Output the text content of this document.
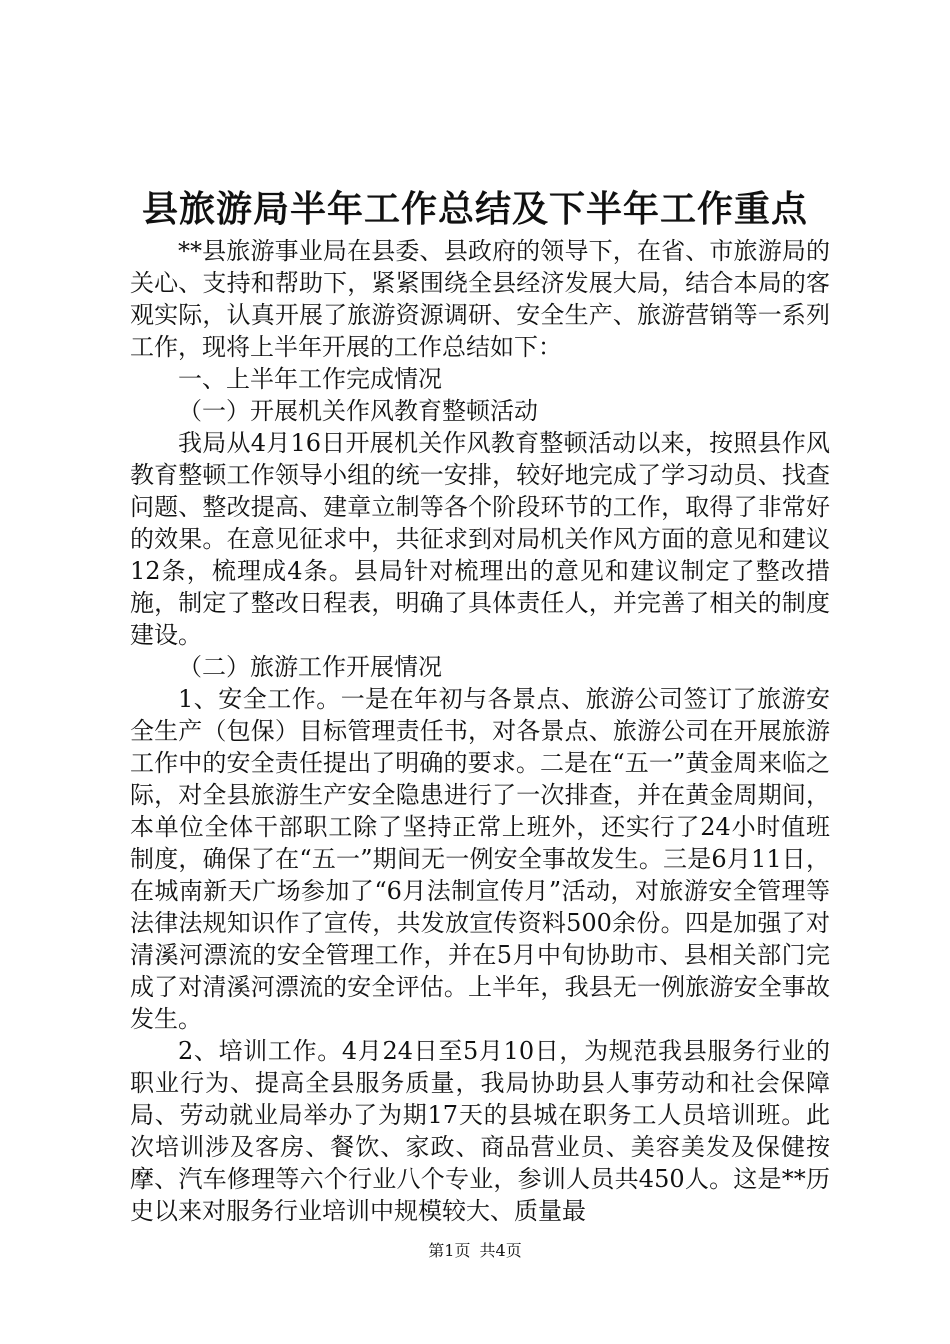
县旅游局半年工作总结及下半年工作重点

**县旅游事业局在县委、县政府的领导下，在省、市旅游局的关心、支持和帮助下，紧紧围绕全县经济发展大局，结合本局的客观实际，认真开展了旅游资源调研、安全生产、旅游营销等一系列工作，现将上半年开展的工作总结如下：

一、上半年工作完成情况

（一）开展机关作风教育整顿活动

我局从4月16日开展机关作风教育整顿活动以来，按照县作风教育整顿工作领导小组的统一安排，较好地完成了学习动员、找查问题、整改提高、建章立制等各个阶段环节的工作，取得了非常好的效果。在意见征求中，共征求到对局机关作风方面的意见和建议12条，梳理成4条。县局针对梳理出的意见和建议制定了整改措施，制定了整改日程表，明确了具体责任人，并完善了相关的制度建设。

（二）旅游工作开展情况

1、安全工作。一是在年初与各景点、旅游公司签订了旅游安全生产（包保）目标管理责任书，对各景点、旅游公司在开展旅游工作中的安全责任提出了明确的要求。二是在“五一”黄金周来临之际，对全县旅游生产安全隐患进行了一次排查，并在黄金周期间，本单位全体干部职工除了坚持正常上班外，还实行了24小时值班制度，确保了在“五一”期间无一例安全事故发生。三是6月11日，在城南新天广场参加了“6月法制宣传月”活动，对旅游安全管理等法律法规知识作了宣传，共发放宣传资料500余份。四是加强了对清溪河漂流的安全管理工作，并在5月中旬协助市、县相关部门完成了对清溪河漂流的安全评估。上半年，我县无一例旅游安全事故发生。

2、培训工作。4月24日至5月10日，为规范我县服务行业的职业行为、提高全县服务质量，我局协助县人事劳动和社会保障局、劳动就业局举办了为期17天的县城在职务工人员培训班。此次培训涉及客房、餐饮、家政、商品营业员、美容美发及保健按摩、汽车修理等六个行业八个专业，参训人员共450人。这是**历史以来对服务行业培训中规模较大、质量最

第1页 共4页
